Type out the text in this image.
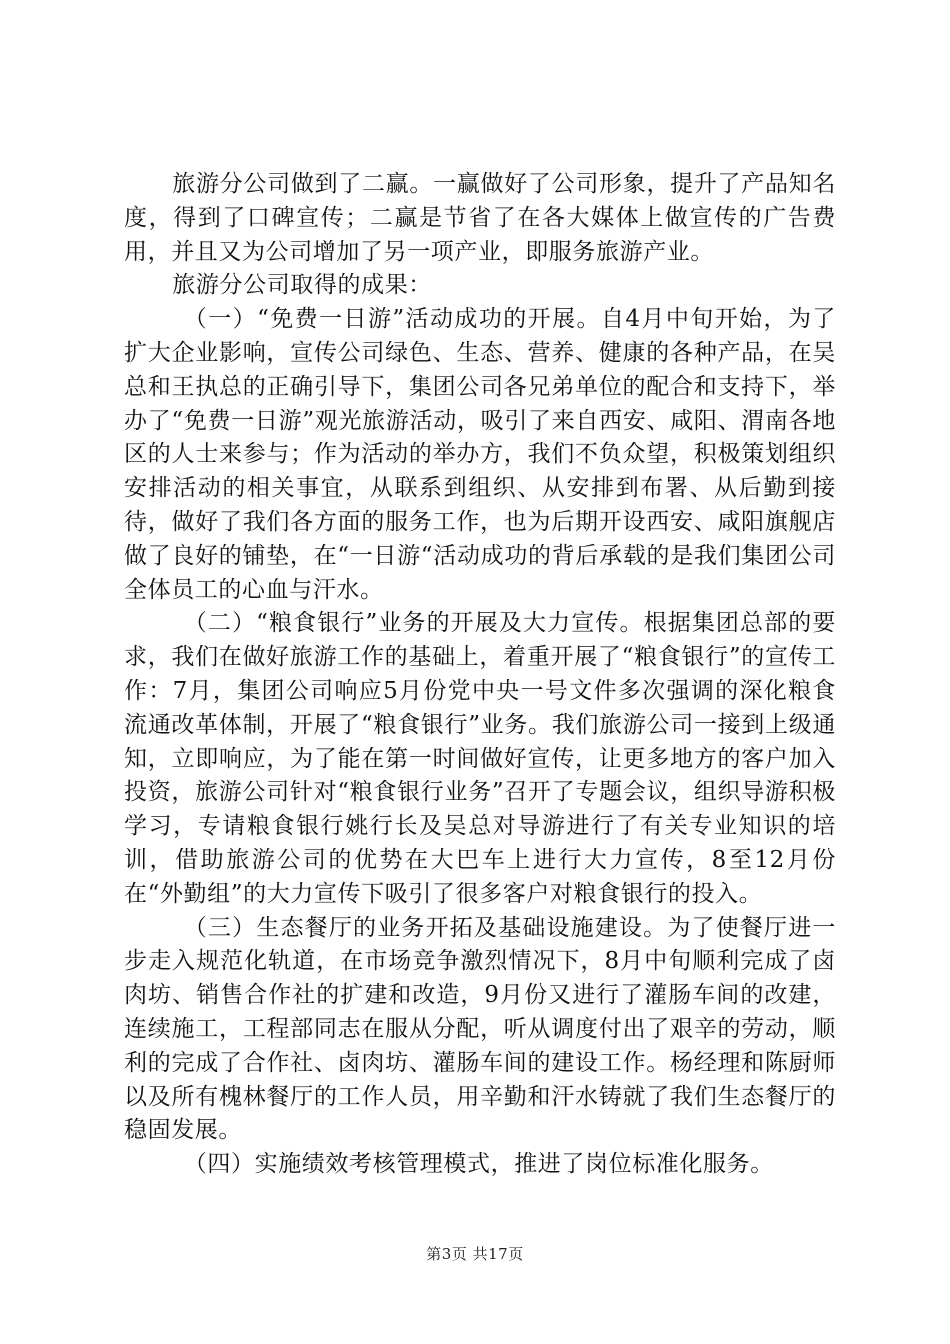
旅游分公司做到了二赢。一赢做好了公司形象，提升了产品知名度，得到了口碑宣传；二赢是节省了在各大媒体上做宣传的广告费用，并且又为公司增加了另一项产业，即服务旅游产业。

旅游分公司取得的成果：

（一）“免费一日游”活动成功的开展。自4月中旬开始，为了扩大企业影响，宣传公司绿色、生态、营养、健康的各种产品，在吴总和王执总的正确引导下，集团公司各兄弟单位的配合和支持下，举办了“免费一日游”观光旅游活动，吸引了来自西安、咸阳、渭南各地区的人士来参与；作为活动的举办方，我们不负众望，积极策划组织安排活动的相关事宜，从联系到组织、从安排到布署、从后勤到接待，做好了我们各方面的服务工作，也为后期开设西安、咸阳旗舰店做了良好的铺垫，在“一日游“活动成功的背后承载的是我们集团公司全体员工的心血与汗水。

（二）“粮食银行”业务的开展及大力宣传。根据集团总部的要求，我们在做好旅游工作的基础上，着重开展了“粮食银行”的宣传工作：7月，集团公司响应5月份党中央一号文件多次强调的深化粮食流通改革体制，开展了“粮食银行”业务。我们旅游公司一接到上级通知，立即响应，为了能在第一时间做好宣传，让更多地方的客户加入投资，旅游公司针对“粮食银行业务”召开了专题会议，组织导游积极学习，专请粮食银行姚行长及吴总对导游进行了有关专业知识的培训，借助旅游公司的优势在大巴车上进行大力宣传，8至12月份在“外勤组”的大力宣传下吸引了很多客户对粮食银行的投入。

（三）生态餐厅的业务开拓及基础设施建设。为了使餐厅进一步走入规范化轨道，在市场竞争激烈情况下，8月中旬顺利完成了卤肉坊、销售合作社的扩建和改造，9月份又进行了灌肠车间的改建，连续施工，工程部同志在服从分配，听从调度付出了艰辛的劳动，顺利的完成了合作社、卤肉坊、灌肠车间的建设工作。杨经理和陈厨师以及所有槐林餐厅的工作人员，用辛勤和汗水铸就了我们生态餐厅的稳固发展。

（四）实施绩效考核管理模式，推进了岗位标准化服务。

第3页 共17页
